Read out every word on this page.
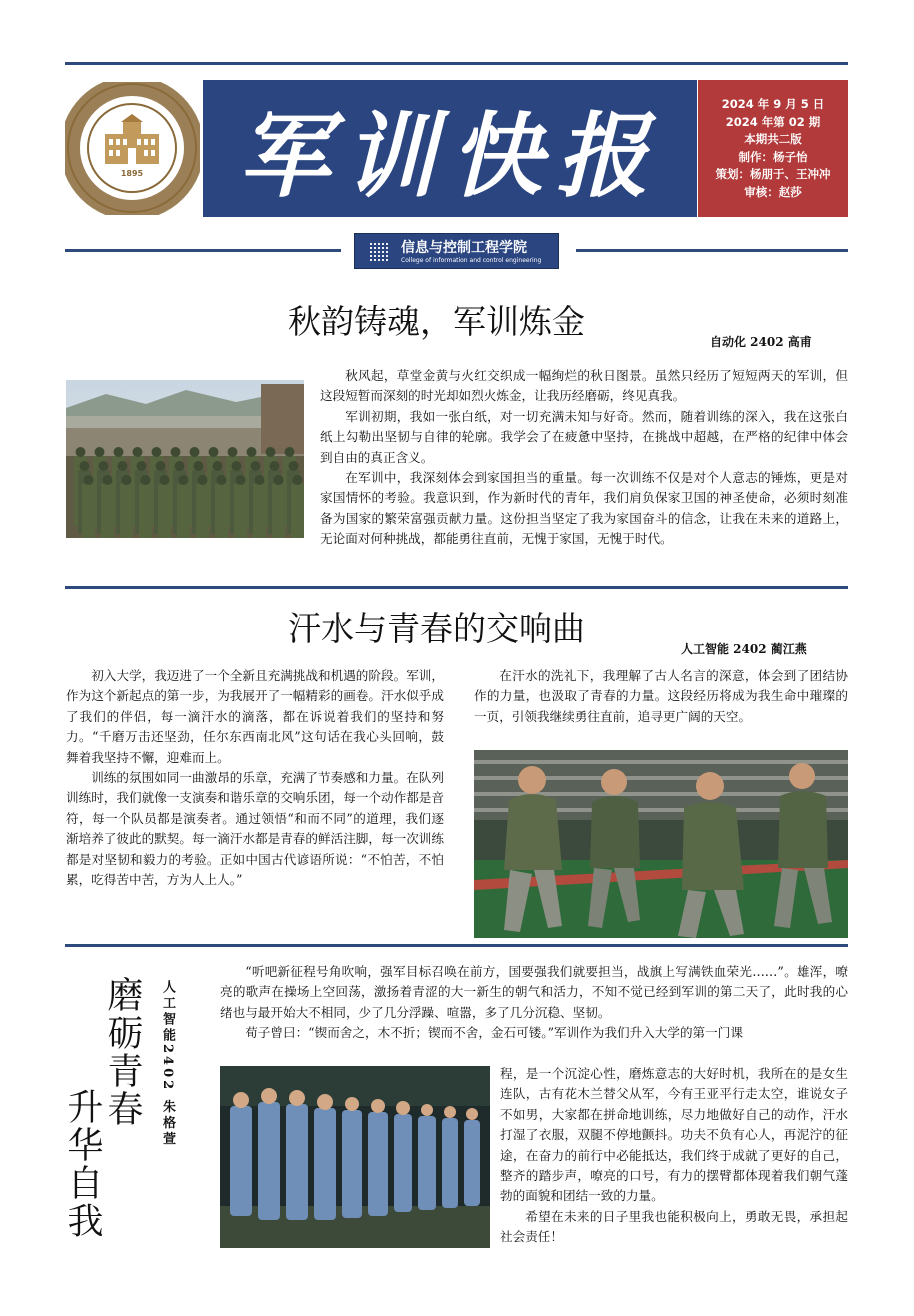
1895 军训快报	2024 年 9 月 5 日
2024 年第 02 期
本期共二版
制作：杨子怡
策划：杨朋于、王冲冲
审核：赵莎
信息与控制工程学院
College of information and control engineering
秋韵铸魂，军训炼金
自动化 2402 高甫

秋风起，草堂金黄与火红交织成一幅绚烂的秋日图景。虽然只经历了短短两天的军训，但这段短暂而深刻的时光却如烈火炼金，让我历经磨砺，终见真我。

军训初期，我如一张白纸，对一切充满未知与好奇。然而，随着训练的深入，我在这张白纸上勾勒出坚韧与自律的轮廓。我学会了在疲惫中坚持，在挑战中超越，在严格的纪律中体会到自由的真正含义。

在军训中，我深刻体会到家国担当的重量。每一次训练不仅是对个人意志的锤炼，更是对家国情怀的考验。我意识到，作为新时代的青年，我们肩负保家卫国的神圣使命，必须时刻准备为国家的繁荣富强贡献力量。这份担当坚定了我为家国奋斗的信念，让我在未来的道路上，无论面对何种挑战，都能勇往直前，无愧于家国，无愧于时代。

汗水与青春的交响曲
人工智能 2402 蔺江燕

初入大学，我迈进了一个全新且充满挑战和机遇的阶段。军训，作为这个新起点的第一步，为我展开了一幅精彩的画卷。汗水似乎成了我们的伴侣，每一滴汗水的滴落，都在诉说着我们的坚持和努力。“千磨万击还坚劲，任尔东西南北风”这句话在我心头回响，鼓舞着我坚持不懈，迎难而上。

训练的氛围如同一曲激昂的乐章，充满了节奏感和力量。在队列训练时，我们就像一支演奏和谐乐章的交响乐团，每一个动作都是音符，每一个队员都是演奏者。通过领悟“和而不同”的道理，我们逐渐培养了彼此的默契。每一滴汗水都是青春的鲜活注脚，每一次训练都是对坚韧和毅力的考验。正如中国古代谚语所说：“不怕苦，不怕累，吃得苦中苦，方为人上人。”

在汗水的洗礼下，我理解了古人名言的深意，体会到了团结协作的力量，也汲取了青春的力量。这段经历将成为我生命中璀璨的一页，引领我继续勇往直前，追寻更广阔的天空。

磨砺青春
升华自我
人工智能2402 朱格萱

“听吧新征程号角吹响，强军目标召唤在前方，国要强我们就要担当，战旗上写满铁血荣光……”。雄浑，嘹亮的歌声在操场上空回荡，激扬着青涩的大一新生的朝气和活力，不知不觉已经到军训的第二天了，此时我的心绪也与最开始大不相同，少了几分浮躁、喧嚣，多了几分沉稳、坚韧。

荀子曾曰：“锲而舍之，木不折；锲而不舍，金石可镂。”军训作为我们升入大学的第一门课

程，是一个沉淀心性，磨炼意志的大好时机，我所在的是女生连队，古有花木兰替父从军，今有王亚平行走太空，谁说女子不如男，大家都在拼命地训练，尽力地做好自己的动作，汗水打湿了衣服，双腿不停地颤抖。功夫不负有心人，再泥泞的征途，在奋力的前行中必能抵达，我们终于成就了更好的自己，整齐的踏步声，嘹亮的口号，有力的摆臂都体现着我们朝气蓬勃的面貌和团结一致的力量。

希望在未来的日子里我也能积极向上，勇敢无畏，承担起社会责任！
